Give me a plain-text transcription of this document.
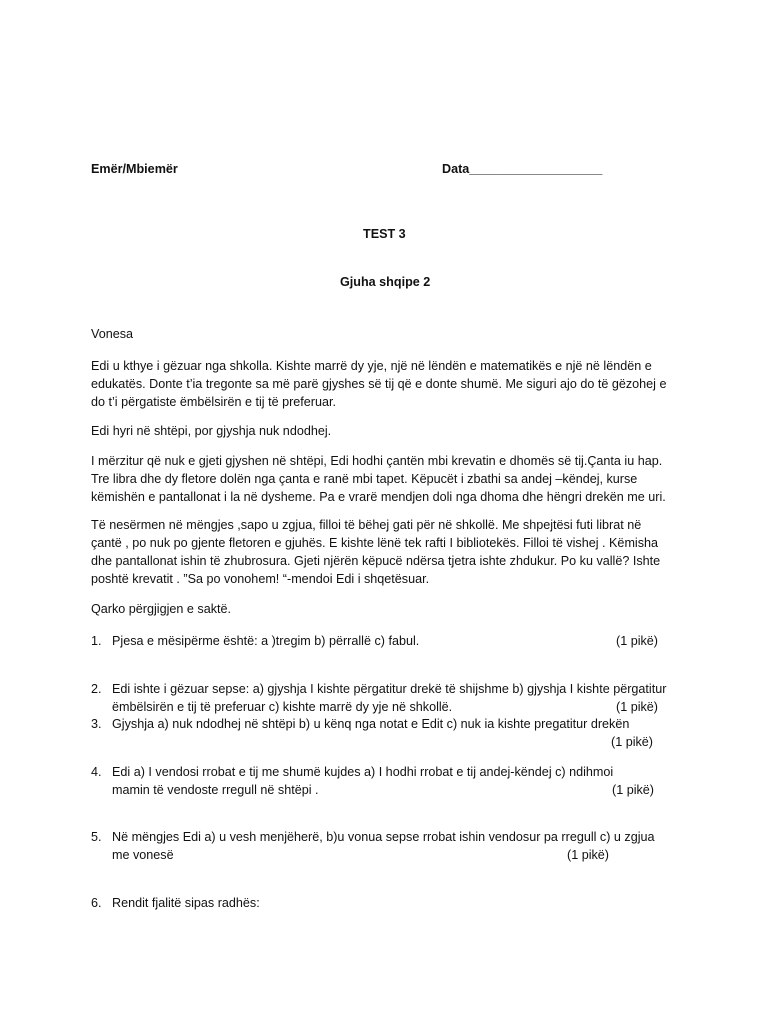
Emër/Mbiemër	Data___________________
TEST 3
Gjuha shqipe 2
Vonesa
Edi u kthye i gëzuar nga shkolla. Kishte marrë dy yje, një në lëndën e matematikës e një në lëndën e
edukatës. Donte t’ia tregonte sa më parë gjyshes së tij që e donte shumë. Me siguri ajo do të gëzohej e
do t’i përgatiste ëmbëlsirën e tij të preferuar.
Edi hyri në shtëpi, por gjyshja nuk ndodhej.
I mërzitur që nuk e gjeti gjyshen në shtëpi, Edi hodhi çantën mbi krevatin e dhomës së tij.Çanta iu hap.
Tre libra dhe dy fletore dolën nga çanta e ranë mbi tapet. Këpucët i zbathi sa andej –këndej, kurse
këmishën e pantallonat i la në dysheme. Pa e vrarë mendjen doli nga dhoma dhe hëngri drekën me uri.
Të nesërmen në mëngjes ,sapo u zgjua, filloi të bëhej gati për në shkollë. Me shpejtësi futi librat në
çantë , po nuk po gjente fletoren e gjuhës. E kishte lënë tek rafti I bibliotekës. Filloi të vishej . Këmisha
dhe pantallonat ishin të zhubrosura. Gjeti njërën këpucë ndërsa tjetra ishte zhdukur. Po ku vallë? Ishte
poshtë krevatit . ”Sa po vonohem! “-mendoi Edi i shqetësuar.
Qarko përgjigjen e saktë.
1. Pjesa e mësipërme është: a )tregim b) përrallë c) fabul.	(1 pikë)
2. Edi ishte i gëzuar sepse: a) gjyshja I kishte përgatitur drekë të shijshme b) gjyshja I kishte përgatitur
ëmbëlsirën e tij të preferuar c) kishte marrë dy yje në shkollë.	(1 pikë)
3. Gjyshja a) nuk ndodhej në shtëpi b) u kënq nga notat e Edit c) nuk ia kishte pregatitur drekën
(1 pikë)
4. Edi a) I vendosi rrobat e tij me shumë kujdes a) I hodhi rrobat e tij andej-këndej c) ndihmoi
mamin të vendoste rregull në shtëpi .	(1 pikë)
5. Në mëngjes Edi a) u vesh menjëherë, b)u vonua sepse rrobat ishin vendosur pa rregull c) u zgjua
me vonesë	(1 pikë)
6. Rendit fjalitë sipas radhës:
